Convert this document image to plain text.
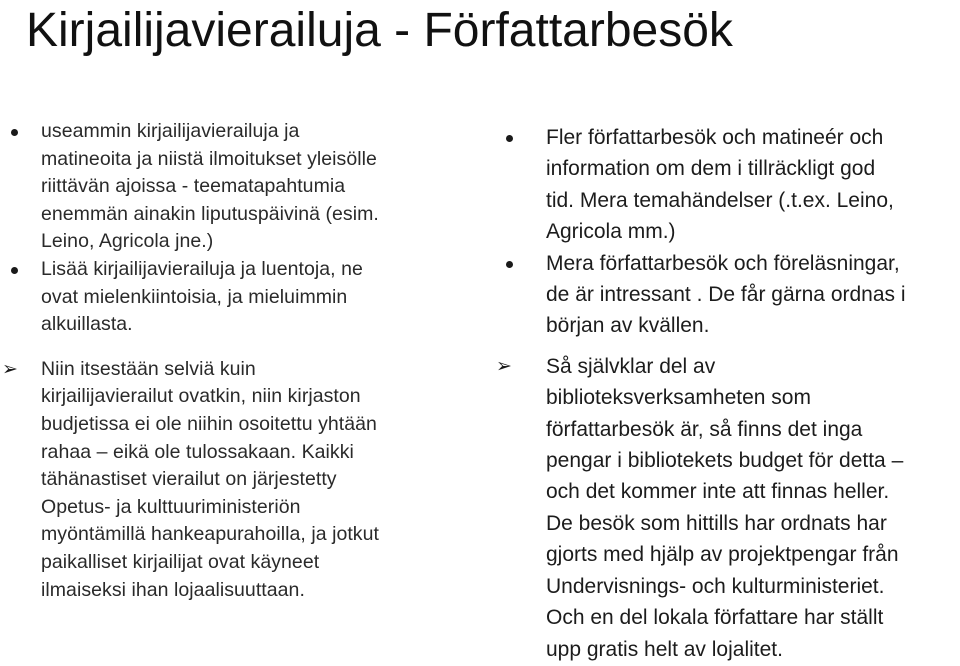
Kirjailijavierailuja - Författarbesök
useammin kirjailijavierailuja ja
matineoita ja niistä ilmoitukset yleisölle
riittävän ajoissa - teematapahtumia
enemmän ainakin liputuspäivinä (esim.
Leino, Agricola jne.)
Lisää kirjailijavierailuja ja luentoja, ne
ovat mielenkiintoisia, ja mieluimmin
alkuillasta.
➢ Niin itsestään selviä kuin
kirjailijavierailut ovatkin, niin kirjaston
budjetissa ei ole niihin osoitettu yhtään
rahaa – eikä ole tulossakaan. Kaikki
tähänastiset vierailut on järjestetty
Opetus- ja kulttuuriministeriön
myöntämillä hankeapurahoilla, ja jotkut
paikalliset kirjailijat ovat käyneet
ilmaiseksi ihan lojaalisuuttaan.
Fler författarbesök och matineér och
information om dem i tillräckligt god
tid. Mera temahändelser (.t.ex. Leino,
Agricola mm.)
Mera författarbesök och föreläsningar,
de är intressant . De får gärna ordnas i
början av kvällen.
➢ Så självklar del av
biblioteksverksamheten som
författarbesök är, så finns det inga
pengar i bibliotekets budget för detta –
och det kommer inte att finnas heller.
De besök som hittills har ordnats har
gjorts med hjälp av projektpengar från
Undervisnings- och kulturministeriet.
Och en del lokala författare har ställt
upp gratis helt av lojalitet.
